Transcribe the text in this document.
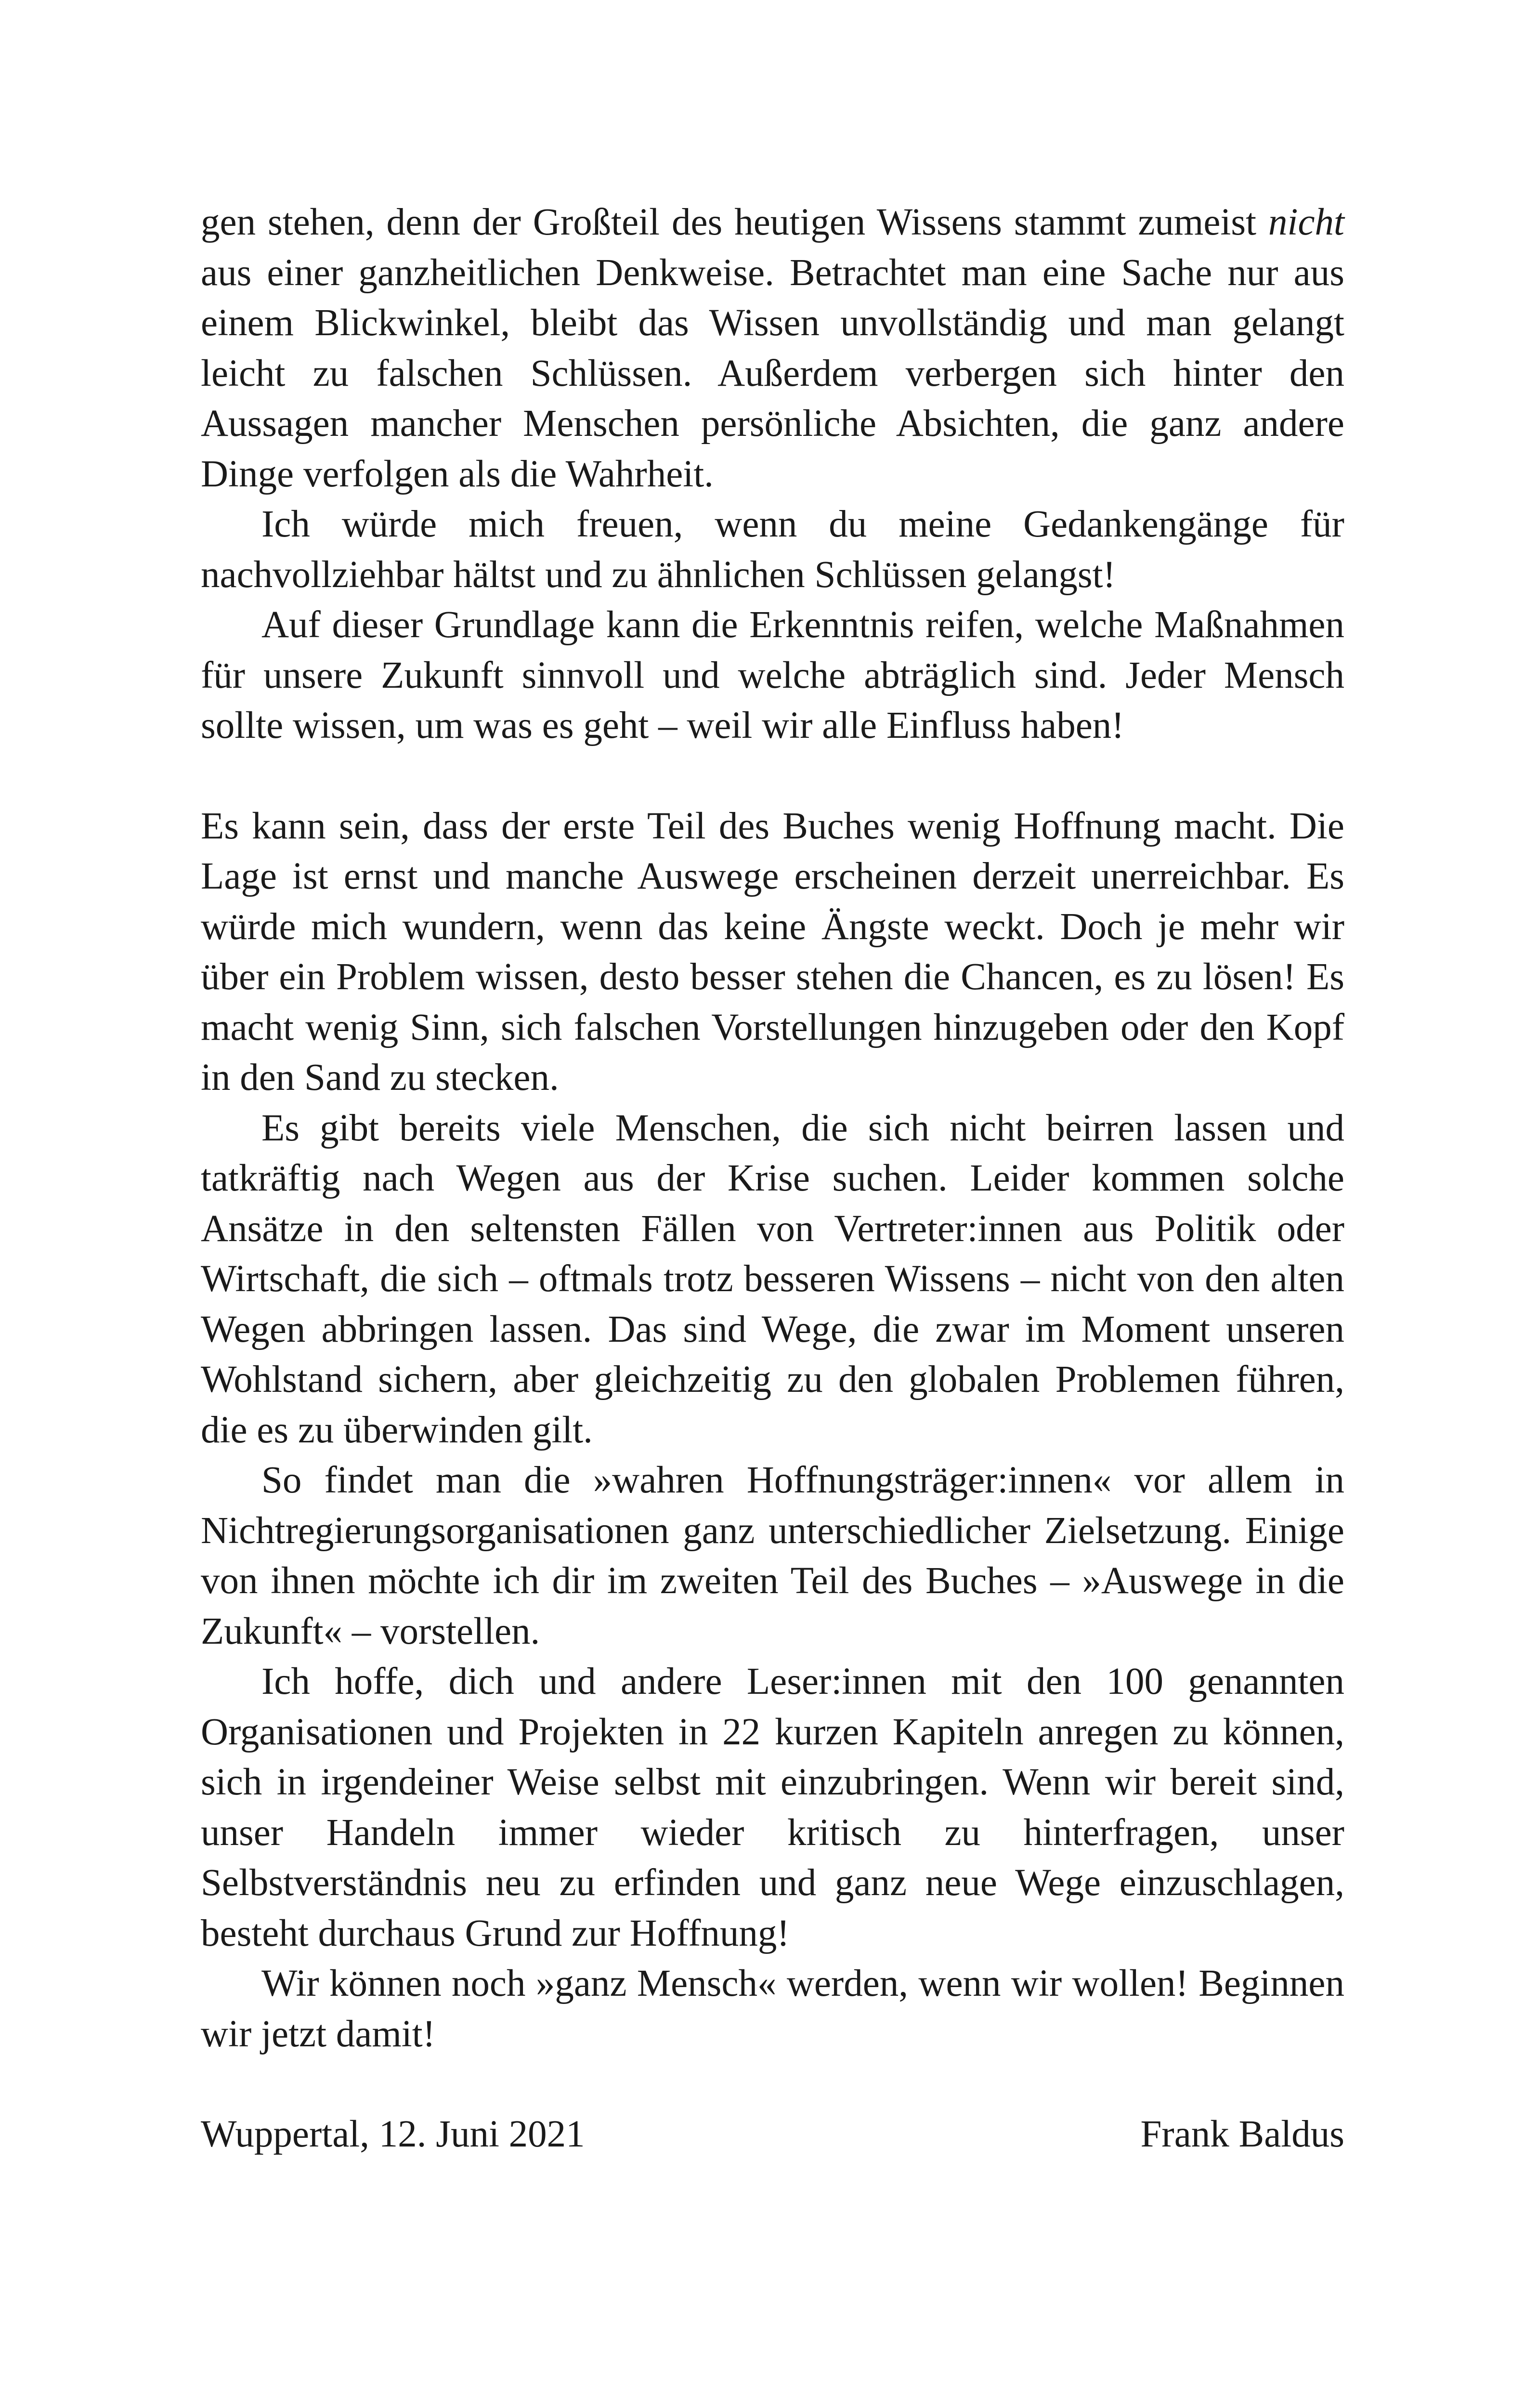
gen stehen, denn der Großteil des heutigen Wissens stammt zumeist nicht aus einer ganzheitlichen Denkweise. Betrachtet man eine Sache nur aus einem Blickwinkel, bleibt das Wissen unvollständig und man gelangt leicht zu falschen Schlüssen. Außerdem verbergen sich hinter den Aussagen mancher Menschen persönliche Absichten, die ganz andere Dinge verfolgen als die Wahrheit.

Ich würde mich freuen, wenn du meine Gedankengänge für nachvollziehbar hältst und zu ähnlichen Schlüssen gelangst!

Auf dieser Grundlage kann die Erkenntnis reifen, welche Maßnahmen für unsere Zukunft sinnvoll und welche abträglich sind. Jeder Mensch sollte wissen, um was es geht – weil wir alle Einfluss haben!

Es kann sein, dass der erste Teil des Buches wenig Hoffnung macht. Die Lage ist ernst und manche Auswege erscheinen derzeit unerreichbar. Es würde mich wundern, wenn das keine Ängste weckt. Doch je mehr wir über ein Problem wissen, desto besser stehen die Chancen, es zu lösen! Es macht wenig Sinn, sich falschen Vorstellungen hinzugeben oder den Kopf in den Sand zu stecken.

Es gibt bereits viele Menschen, die sich nicht beirren lassen und tatkräftig nach Wegen aus der Krise suchen. Leider kommen solche Ansätze in den seltensten Fällen von Vertreter:innen aus Politik oder Wirtschaft, die sich – oftmals trotz besseren Wissens – nicht von den alten Wegen abbringen lassen. Das sind Wege, die zwar im Moment unseren Wohlstand sichern, aber gleichzeitig zu den globalen Problemen führen, die es zu überwinden gilt.

So findet man die »wahren Hoffnungsträger:innen« vor allem in Nichtregierungsorganisationen ganz unterschiedlicher Zielsetzung. Einige von ihnen möchte ich dir im zweiten Teil des Buches – »Auswege in die Zukunft« – vorstellen.

Ich hoffe, dich und andere Leser:innen mit den 100 genannten Organisationen und Projekten in 22 kurzen Kapiteln anregen zu können, sich in irgendeiner Weise selbst mit einzubringen. Wenn wir bereit sind, unser Handeln immer wieder kritisch zu hinterfragen, unser Selbstverständnis neu zu erfinden und ganz neue Wege einzuschlagen, besteht durchaus Grund zur Hoffnung!

Wir können noch »ganz Mensch« werden, wenn wir wollen! Beginnen wir jetzt damit!

Wuppertal, 12. Juni 2021	Frank Baldus
